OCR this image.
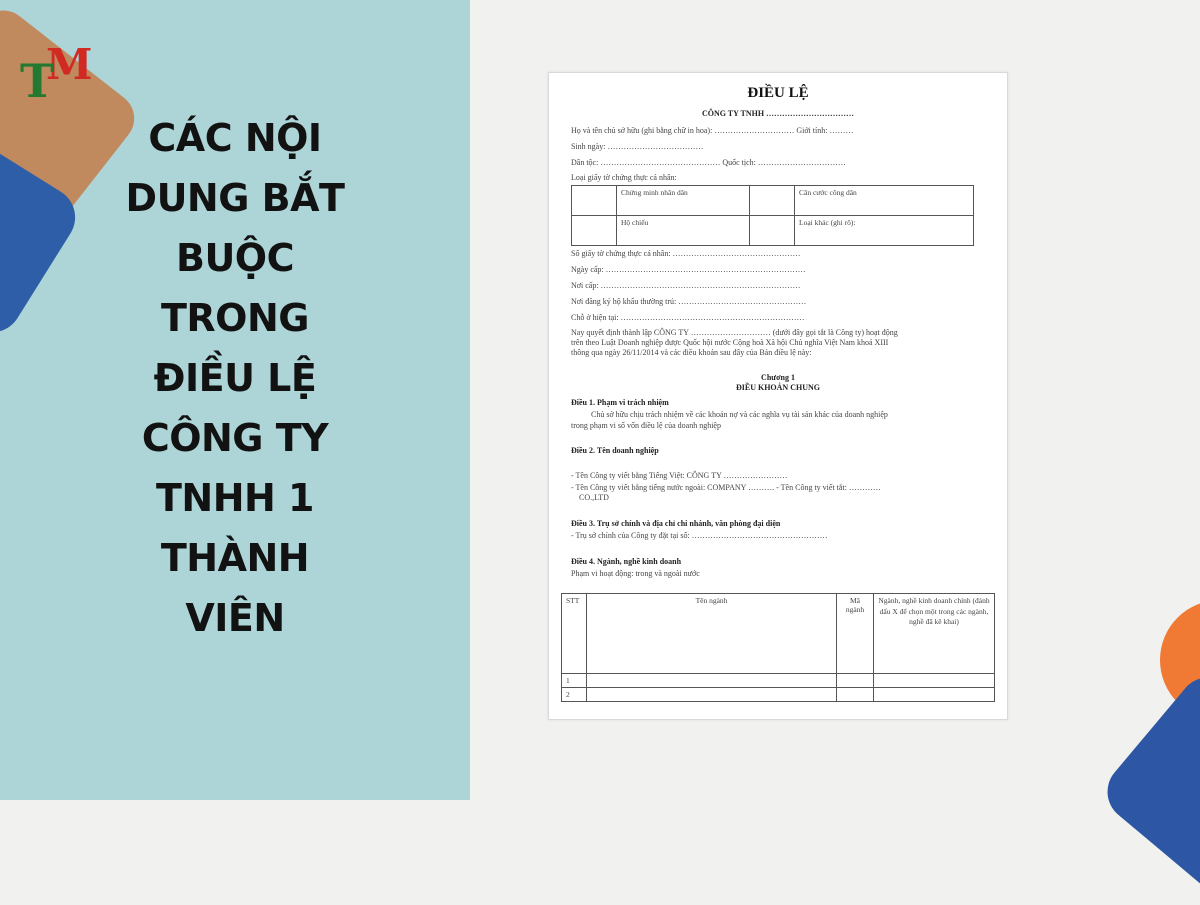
M
T
CÁC NỘI
DUNG BẮT
BUỘC
TRONG
ĐIỀU LỆ
CÔNG TY
TNHH 1
THÀNH
VIÊN
ĐIỀU LỆ
CÔNG TY TNHH ……………………………
Họ và tên chủ sở hữu (ghi bằng chữ in hoa): ………………………… Giới tính: ………
Sinh ngày: ………………………………
Dân tộc: ……………………………………… Quốc tịch: ……………………………
Loại giấy tờ chứng thực cá nhân:
	Chứng minh nhân dân		Căn cước công dân
	Hộ chiếu		Loại khác (ghi rõ):
Số giấy tờ chứng thực cá nhân: …………………………………………
Ngày cấp: …………………………………………………………………
Nơi cấp: …………………………………………………………………
Nơi đăng ký hộ khẩu thường trú: …………………………………………
Chỗ ở hiện tại: ……………………………………………………………
Nay quyết định thành lập CÔNG TY ………………………… (dưới đây gọi tắt là Công ty) hoạt động
trên theo Luật Doanh nghiệp được Quốc hội nước Cộng hoà Xã hội Chủ nghĩa Việt Nam khoá XIII
thông qua ngày 26/11/2014 và các điều khoản sau đây của Bản điều lệ này:
Chương 1
ĐIỀU KHOẢN CHUNG
Điều 1. Phạm vi trách nhiệm
Chủ sở hữu chịu trách nhiệm về các khoản nợ và các nghĩa vụ tài sản khác của doanh nghiệp
trong phạm vi số vốn điều lệ của doanh nghiệp
Điều 2. Tên doanh nghiệp
- Tên Công ty viết bằng Tiếng Việt: CÔNG TY ……………………
- Tên Công ty viết bằng tiếng nước ngoài: COMPANY ………. - Tên Công ty viết tắt: …………
CO.,LTD
Điều 3. Trụ sở chính và địa chỉ chi nhánh, văn phòng đại diện
- Trụ sở chính của Công ty đặt tại số: ……………………………………………
Điều 4. Ngành, nghề kinh doanh
Phạm vi hoạt động: trong và ngoài nước
STT	Tên ngành	Mã ngành	Ngành, nghề kinh doanh chính (đánh dấu X để chọn một trong các ngành, nghề đã kê khai)
1			
2			
